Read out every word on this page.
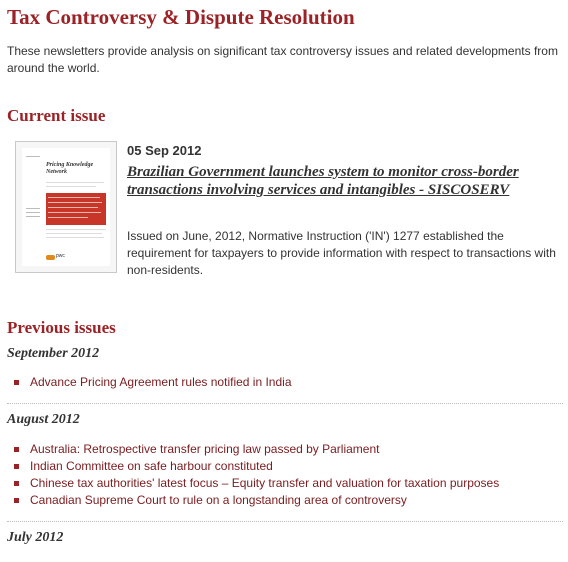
Tax Controversy & Dispute Resolution

These newsletters provide analysis on significant tax controversy issues and related developments from around the world.

Current issue
Pricing Knowledge Network
pwc

05 Sep 2012

Brazilian Government launches system to monitor cross-border transactions involving services and intangibles - SISCOSERV

Issued on June, 2012, Normative Instruction ('IN') 1277 established the requirement for taxpayers to provide information with respect to transactions with non-residents.

Previous issues
September 2012
Advance Pricing Agreement rules notified in India
August 2012
Australia: Retrospective transfer pricing law passed by Parliament
Indian Committee on safe harbour constituted
Chinese tax authorities' latest focus – Equity transfer and valuation for taxation purposes
Canadian Supreme Court to rule on a longstanding area of controversy
July 2012
